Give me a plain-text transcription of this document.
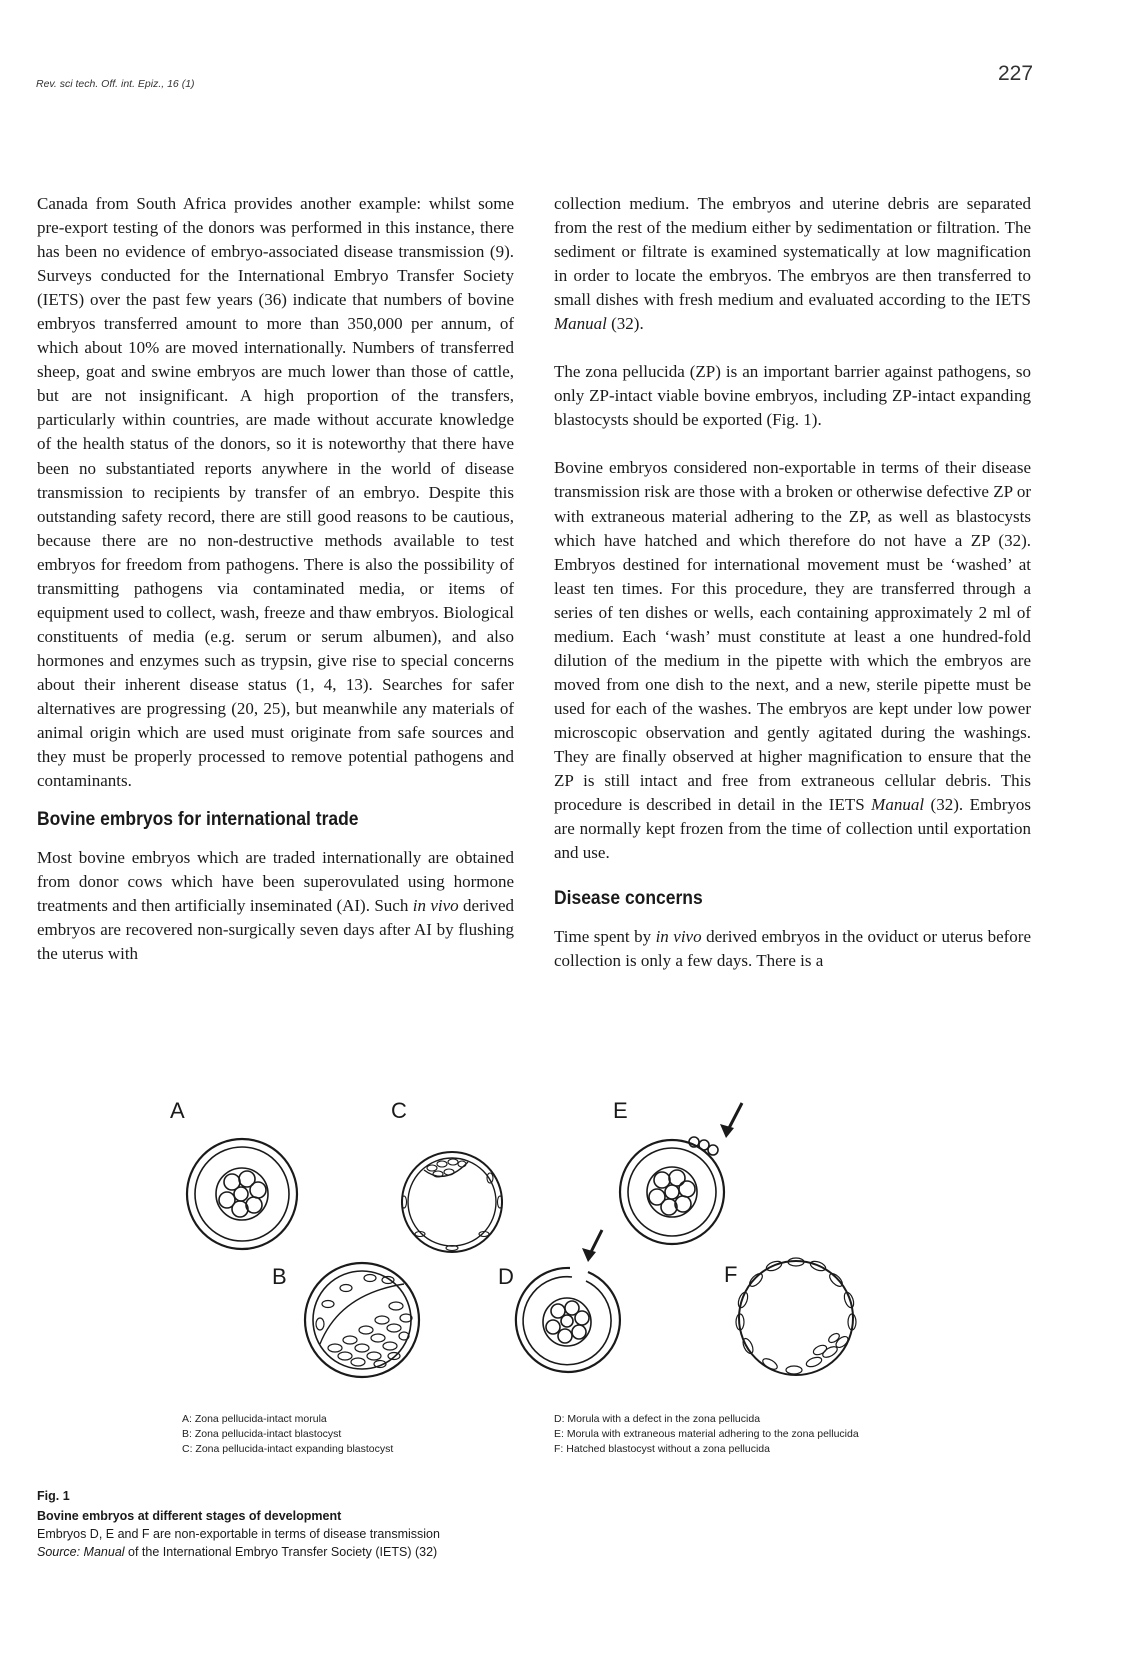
Rev. sci tech. Off. int. Epiz., 16 (1)	227

Canada from South Africa provides another example: whilst some pre-export testing of the donors was performed in this instance, there has been no evidence of embryo-associated disease transmission (9). Surveys conducted for the International Embryo Transfer Society (IETS) over the past few years (36) indicate that numbers of bovine embryos transferred amount to more than 350,000 per annum, of which about 10% are moved internationally. Numbers of transferred sheep, goat and swine embryos are much lower than those of cattle, but are not insignificant. A high proportion of the transfers, particularly within countries, are made without accurate knowledge of the health status of the donors, so it is noteworthy that there have been no substantiated reports anywhere in the world of disease transmission to recipients by transfer of an embryo. Despite this outstanding safety record, there are still good reasons to be cautious, because there are no non-destructive methods available to test embryos for freedom from pathogens. There is also the possibility of transmitting pathogens via contaminated media, or items of equipment used to collect, wash, freeze and thaw embryos. Biological constituents of media (e.g. serum or serum albumen), and also hormones and enzymes such as trypsin, give rise to special concerns about their inherent disease status (1, 4, 13). Searches for safer alternatives are progressing (20, 25), but meanwhile any materials of animal origin which are used must originate from safe sources and they must be properly processed to remove potential pathogens and contaminants.

Bovine embryos for international trade

Most bovine embryos which are traded internationally are obtained from donor cows which have been superovulated using hormone treatments and then artificially inseminated (AI). Such in vivo derived embryos are recovered non-surgically seven days after AI by flushing the uterus with

collection medium. The embryos and uterine debris are separated from the rest of the medium either by sedimentation or filtration. The sediment or filtrate is examined systematically at low magnification in order to locate the embryos. The embryos are then transferred to small dishes with fresh medium and evaluated according to the IETS Manual (32).

The zona pellucida (ZP) is an important barrier against pathogens, so only ZP-intact viable bovine embryos, including ZP-intact expanding blastocysts should be exported (Fig. 1).

Bovine embryos considered non-exportable in terms of their disease transmission risk are those with a broken or otherwise defective ZP or with extraneous material adhering to the ZP, as well as blastocysts which have hatched and which therefore do not have a ZP (32). Embryos destined for international movement must be ‘washed’ at least ten times. For this procedure, they are transferred through a series of ten dishes or wells, each containing approximately 2 ml of medium. Each ‘wash’ must constitute at least a one hundred-fold dilution of the medium in the pipette with which the embryos are moved from one dish to the next, and a new, sterile pipette must be used for each of the washes. The embryos are kept under low power microscopic observation and gently agitated during the washings. They are finally observed at higher magnification to ensure that the ZP is still intact and free from extraneous cellular debris. This procedure is described in detail in the IETS Manual (32). Embryos are normally kept frozen from the time of collection until exportation and use.

Disease concerns

Time spent by in vivo derived embryos in the oviduct or uterus before collection is only a few days. There is a

A
B
C
D
E
F
A: Zona pellucida-intact morula
B: Zona pellucida-intact blastocyst
C: Zona pellucida-intact expanding blastocyst
D: Morula with a defect in the zona pellucida
E: Morula with extraneous material adhering to the zona pellucida
F: Hatched blastocyst without a zona pellucida
Fig. 1
Bovine embryos at different stages of development
Embryos D, E and F are non-exportable in terms of disease transmission
Source: Manual of the International Embryo Transfer Society (IETS) (32)
